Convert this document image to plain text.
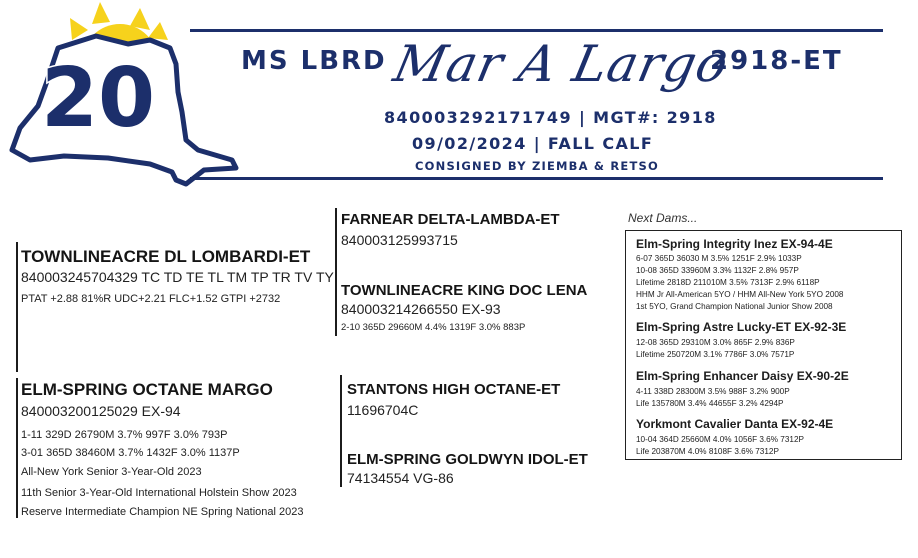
20	MS LBRD Mar A Largo
2918-ET
840003292171749 | MGT#: 2918
09/02/2024 | FALL CALF
CONSIGNED BY ZIEMBA & RETSO
TOWNLINEACRE DL LOMBARDI-ET
840003245704329 TC TD TE TL TM TP TR TV TY
PTAT +2.88 81%R UDC+2.21 FLC+1.52 GTPI +2732
ELM-SPRING OCTANE MARGO
840003200125029 EX-94
1-11 329D 26790M 3.7% 997F 3.0% 793P
3-01 365D 38460M 3.7% 1432F 3.0% 1137P
All-New York Senior 3-Year-Old 2023
11th Senior 3-Year-Old International Holstein Show 2023
Reserve Intermediate Champion NE Spring National 2023
FARNEAR DELTA-LAMBDA-ET
840003125993715
TOWNLINEACRE KING DOC LENA
840003214266550 EX-93
2-10 365D 29660M 4.4% 1319F 3.0% 883P
STANTONS HIGH OCTANE-ET
11696704C
ELM-SPRING GOLDWYN IDOL-ET
74134554 VG-86
Next Dams...
Elm-Spring Integrity Inez EX-94-4E
6-07 365D 36030 M 3.5% 1251F 2.9% 1033P
10-08 365D 33960M 3.3% 1132F 2.8% 957P
Lifetime 2818D 211010M 3.5% 7313F 2.9% 6118P
HHM Jr All-American 5YO / HHM All-New York 5YO 2008
1st 5YO, Grand Champion National Junior Show 2008
Elm-Spring Astre Lucky-ET EX-92-3E
12-08 365D 29310M 3.0% 865F 2.9% 836P
Lifetime 250720M 3.1% 7786F 3.0% 7571P
Elm-Spring Enhancer Daisy EX-90-2E
4-11 338D 28300M 3.5% 988F 3.2% 900P
Life 135780M 3.4% 44655F 3.2% 4294P
Yorkmont Cavalier Danta EX-92-4E
10-04 364D 25660M 4.0% 1056F 3.6% 7312P
Life 203870M 4.0% 8108F 3.6% 7312P
